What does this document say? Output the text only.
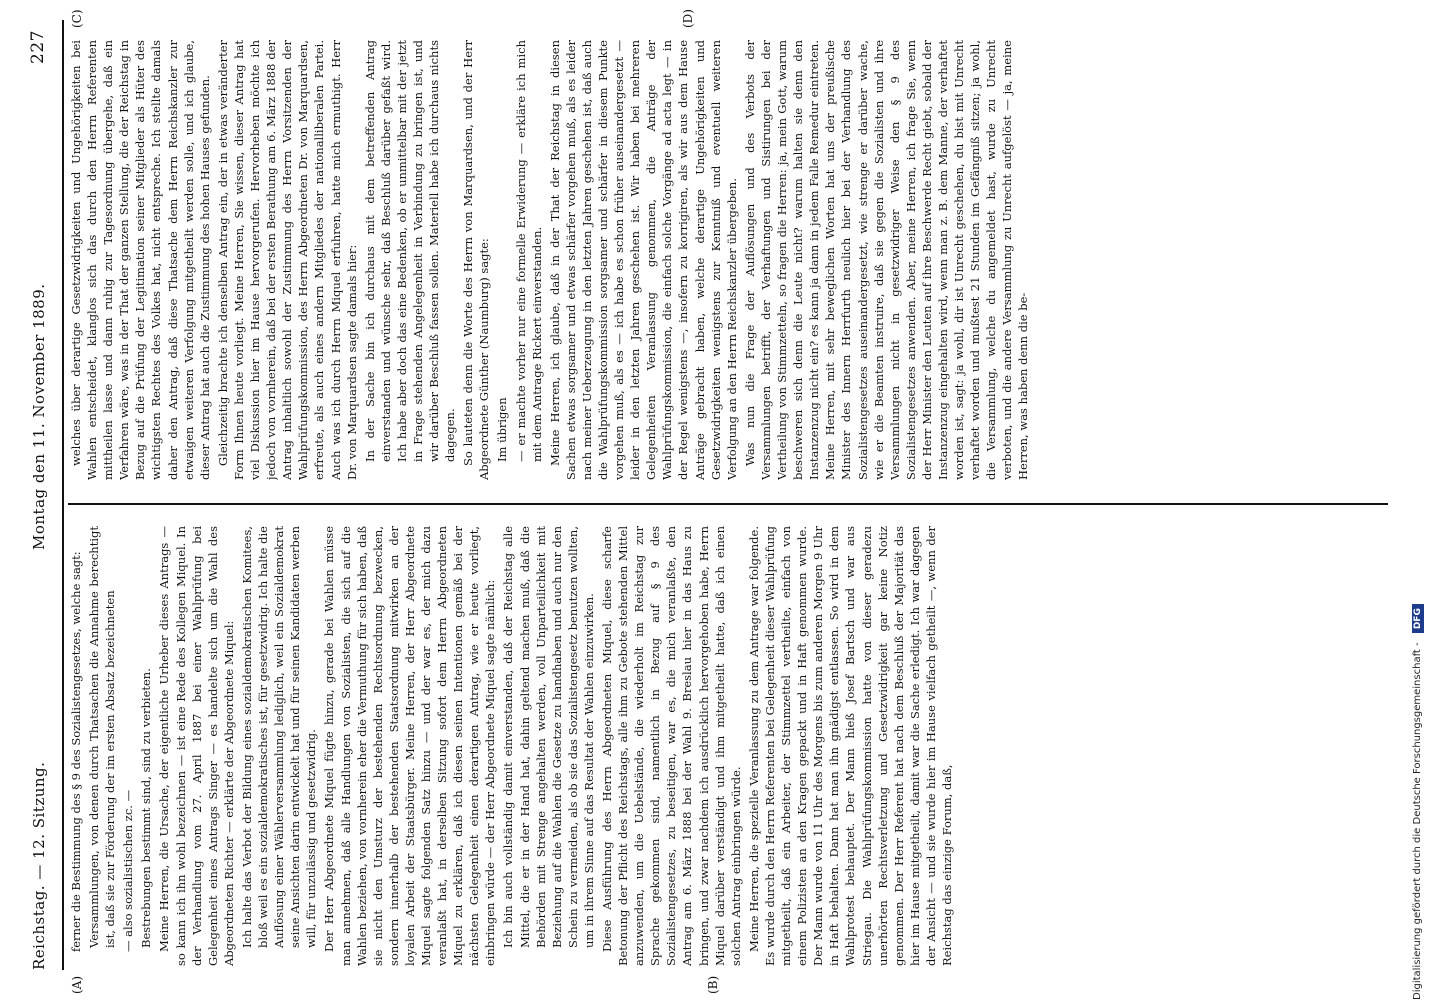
Reichstag. — 12. Sitzung.
Montag den 11. November 1889.
227
(A)	(B)
(C)	(D)

ferner die Bestimmung des § 9 des Sozialistengesetzes, welche sagt: Versammlungen, von denen durch Thatsachen die Annahme berechtigt ist, daß sie zur Förderung der im ersten Absatz bezeichneten — also sozialistischen zc. — Bestrebungen bestimmt sind, sind zu verbieten. Meine Herren, die Ursache, der eigentliche Urheber dieses Antrags — so kann ich ihn wohl bezeichnen — ist eine Rede des Kollegen Miquel. In der Verhandlung vom 27. April 1887 bei einer Wahlprüfung bei Gelegenheit eines Antrags Singer — es handelte sich um die Wahl des Abgeordneten Richter — erklärte der Abgeordnete Miquel: Ich halte das Verbot der Bildung eines sozialdemokratischen Komitees, bloß weil es ein sozialdemokratisches ist, für gesetzwidrig. Ich halte die Auflösung einer Wählerversammlung lediglich, weil ein Sozialdemokrat seine Ansichten darin entwickelt hat und für seinen Kandidaten werben will, für unzulässig und gesetzwidrig. Der Herr Abgeordnete Miquel fügte hinzu, gerade bei Wahlen müsse man annehmen, daß alle Handlungen von Sozialisten, die sich auf die Wahlen beziehen, von vornherein eher die Vermuthung für sich haben, daß sie nicht den Umsturz der bestehenden Rechtsordnung bezwecken, sondern innerhalb der bestehenden Staatsordnung mitwirken an der loyalen Arbeit der Staatsbürger. Meine Herren, der Herr Abgeordnete Miquel sagte folgenden Satz hinzu — und der war es, der mich dazu veranlaßt hat, in derselben Sitzung sofort dem Herrn Abgeordneten Miquel zu erklären, daß ich diesen seinen Intentionen gemäß bei der nächsten Gelegenheit einen derartigen Antrag, wie er heute vorliegt, einbringen würde — der Herr Abgeordnete Miquel sagte nämlich: Ich bin auch vollständig damit einverstanden, daß der Reichstag alle Mittel, die er in der Hand hat, dahin geltend machen muß, daß die Behörden mit Strenge angehalten werden, voll Unparteilichkeit mit Beziehung auf die Wahlen die Gesetze zu handhaben und auch nur den Schein zu vermeiden, als ob sie das Sozialistengesetz benutzen wollten, um in ihrem Sinne auf das Resultat der Wahlen einzuwirken. Diese Ausführung des Herrn Abgeordneten Miquel, diese scharfe Betonung der Pflicht des Reichstags, alle ihm zu Gebote stehenden Mittel anzuwenden, um die Uebelstände, die wiederholt im Reichstag zur Sprache gekommen sind, namentlich in Bezug auf § 9 des Sozialistengesetzes, zu beseitigen, war es, die mich veranlaßte, den Antrag am 6. März 1888 bei der Wahl 9. Breslau hier in das Haus zu bringen, und zwar nachdem ich ausdrücklich hervorgehoben habe, Herrn Miquel darüber verständigt und ihm mitgetheilt hatte, daß ich einen solchen Antrag einbringen würde. Meine Herren, die spezielle Veranlassung zu dem Antrage war folgende. Es wurde durch den Herrn Referenten bei Gelegenheit dieser Wahlprüfung mitgetheilt, daß ein Arbeiter, der Stimmzettel vertheilte, einfach von einem Polizisten an den Kragen gepackt und in Haft genommen wurde. Der Mann wurde von 11 Uhr des Morgens bis zum anderen Morgen 9 Uhr in Haft behalten. Dann hat man ihn gnädigst entlassen. So wird in dem Wahlprotest behauptet. Der Mann hieß Josef Bartsch und war aus Striegau. Die Wahlprüfungskommission hatte von dieser geradezu unerhörten Rechtsverletzung und Gesetzwidrigkeit gar keine Notiz genommen. Der Herr Referent hat nach dem Beschluß der Majorität das hier im Hause mitgetheilt, damit war die Sache erledigt. Ich war dagegen der Ansicht — und sie wurde hier im Hause vielfach getheilt —, wenn der Reichstag das einzige Forum, daß,

welches über derartige Gesetzwidrigkeiten und Ungehörigkeiten bei Wahlen entscheidet, klanglos sich das durch den Herrn Referenten mittheilen lasse und dann ruhig zur Tagesordnung übergehe, daß ein Verfahren wäre, was in der That der ganzen Stellung, die der Reichstag in Bezug auf die Prüfung der Legitimation seiner Mitglieder als Hüter des wichtigsten Rechtes des Volkes hat, nicht entspreche. Ich stellte damals daher den Antrag, daß diese Thatsache dem Herrn Reichskanzler zur etwaigen weiteren Verfolgung mitgetheilt werden solle, und ich glaube, dieser Antrag hat auch die Zustimmung des hohen Hauses gefunden. Gleichzeitig brachte ich denselben Antrag ein, der in etwas veränderter Form Ihnen heute vorliegt. Meine Herren, Sie wissen, dieser Antrag hat viel Diskussion hier im Hause hervorgerufen. Hervorheben möchte ich jedoch von vornherein, daß bei der ersten Berathung am 6. März 1888 der Antrag inhaltlich sowohl der Zustimmung des Herrn Vorsitzenden der Wahlprüfungskommission, des Herrn Abgeordneten Dr. von Marquardsen, erfreute, als auch eines andern Mitgliedes der nationalliberalen Partei. Auch was ich durch Herrn Miquel erfuhren, hatte mich ermuthigt. Herr Dr. von Marquardsen sagte damals hier: In der Sache bin ich durchaus mit dem betreffenden Antrag einverstanden und wünsche sehr, daß Beschluß darüber gefaßt wird. Ich habe aber doch das eine Bedenken, ob er unmittelbar mit der jetzt in Frage stehenden Angelegenheit in Verbindung zu bringen ist, und wir darüber Beschluß fassen sollen. Materiell habe ich durchaus nichts dagegen. So lauteten denn die Worte des Herrn von Marquardsen, und der Herr Abgeordnete Günther (Naumburg) sagte: Im übrigen — er machte vorher nur eine formelle Erwiderung — erkläre ich mich mit dem Antrage Rickert einverstanden. Meine Herren, ich glaube, daß in der That der Reichstag in diesen Sachen etwas sorgsamer und etwas schärfer vorgehen muß, als es leider nach meiner Ueberzeugung in den letzten Jahren geschehen ist, daß auch die Wahlprüfungskommission sorgsamer und schärfer in diesem Punkte vorgehen muß, als es — ich habe es schon früher auseinandergesetzt — leider in den letzten Jahren geschehen ist. Wir haben bei mehreren Gelegenheiten Veranlassung genommen, die Anträge der Wahlprüfungskommission, die einfach solche Vorgänge ad acta legt — in der Regel wenigstens —, insofern zu korrigiren, als wir aus dem Hause Anträge gebracht haben, welche derartige Ungehörigkeiten und Gesetzwidrigkeiten wenigstens zur Kenntniß und eventuell weiteren Verfolgung an den Herrn Reichskanzler übergeben. Was nun die Frage der Auflösungen und des Verbots der Versammlungen betrifft, der Verhaftungen und Sistirungen bei der Vertheilung von Stimmzetteln, so fragen die Herren: ja, mein Gott, warum beschweren sich denn die Leute nicht? warum halten sie denn den Instanzenzug nicht ein? es kann ja dann in jedem Falle Remedur eintreten. Meine Herren, mit sehr beweglichen Worten hat uns der preußische Minister des Innern Herrfurth neulich hier bei der Verhandlung des Sozialistengesetzes auseinandergesetzt, wie strenge er darüber wache, wie er die Beamten instruire, daß sie gegen die Sozialisten und ihre Versammlungen nicht in gesetzwidriger Weise den § 9 des Sozialistengesetzes anwenden. Aber, meine Herren, ich frage Sie, wenn der Herr Minister den Leuten auf ihre Beschwerde Recht giebt, sobald der Instanzenzug eingehalten wird, wenn man z. B. dem Manne, der verhaftet worden ist, sagt: ja wohl, dir ist Unrecht geschehen, du bist mit Unrecht verhaftet worden und mußtest 21 Stunden im Gefängniß sitzen; ja wohl, die Versammlung, welche du angemeldet hast, wurde zu Unrecht verboten, und die andere Versammlung zu Unrecht aufgelöst — ja, meine Herren, was haben denn die be-

Digitalisierung gefördert durch die Deutsche Forschungsgemeinschaft - DFG
